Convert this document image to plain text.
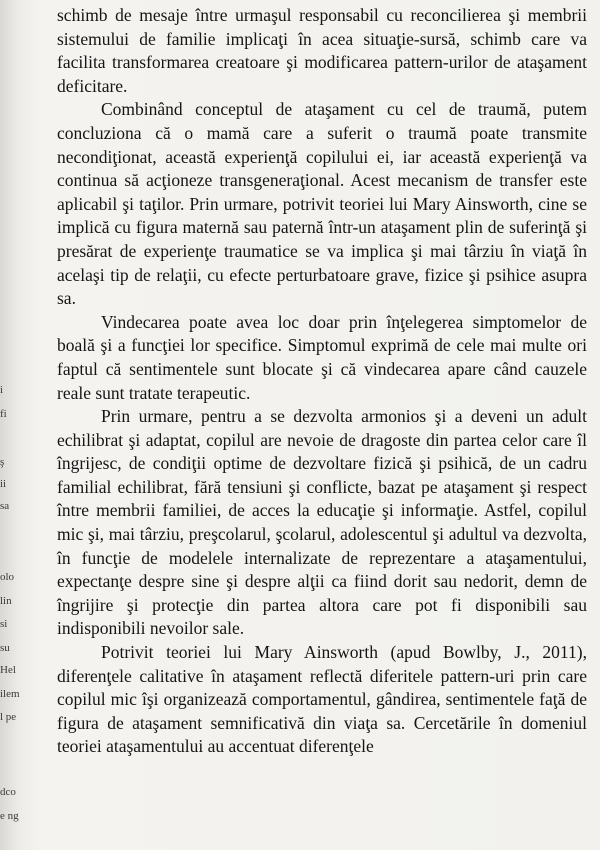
i
fi
ş
ii
sa
olo
lin
si
su
Hel
ilem
l pe
dco
e ng

schimb de mesaje între urmaşul responsabil cu reconcilierea şi membrii sistemului de familie implicaţi în acea situaţie-sursă, schimb care va facilita transformarea creatoare şi modificarea pattern-urilor de ataşament deficitare.

Combinând conceptul de ataşament cu cel de traumă, putem concluziona că o mamă care a suferit o traumă poate transmite necondiţionat, această experienţă copilului ei, iar această experienţă va continua să acţioneze transgeneraţional. Acest mecanism de transfer este aplicabil şi taţilor. Prin urmare, potrivit teoriei lui Mary Ainsworth, cine se implică cu figura maternă sau paternă într-un ataşament plin de suferinţă şi presărat de experienţe traumatice se va implica şi mai târziu în viaţă în acelaşi tip de relaţii, cu efecte perturbatoare grave, fizice şi psihice asupra sa.

Vindecarea poate avea loc doar prin înţelegerea simptomelor de boală şi a funcţiei lor specifice. Simptomul exprimă de cele mai multe ori faptul că sentimentele sunt blocate şi că vindecarea apare când cauzele reale sunt tratate terapeutic.

Prin urmare, pentru a se dezvolta armonios şi a deveni un adult echilibrat şi adaptat, copilul are nevoie de dragoste din partea celor care îl îngrijesc, de condiţii optime de dezvoltare fizică şi psihică, de un cadru familial echilibrat, fără tensiuni şi conflicte, bazat pe ataşament şi respect între membrii familiei, de acces la educaţie şi informaţie. Astfel, copilul mic şi, mai târziu, preşcolarul, şcolarul, adolescentul şi adultul va dezvolta, în funcţie de modelele internalizate de reprezentare a ataşamentului, expectanţe despre sine şi despre alţii ca fiind dorit sau nedorit, demn de îngrijire şi protecţie din partea altora care pot fi disponibili sau indisponibili nevoilor sale.

Potrivit teoriei lui Mary Ainsworth (apud Bowlby, J., 2011), diferenţele calitative în ataşament reflectă diferitele pattern-uri prin care copilul mic îşi organizează comportamentul, gândirea, sentimentele faţă de figura de ataşament semnificativă din viaţa sa. Cercetările în domeniul teoriei ataşamentului au accentuat diferenţele
